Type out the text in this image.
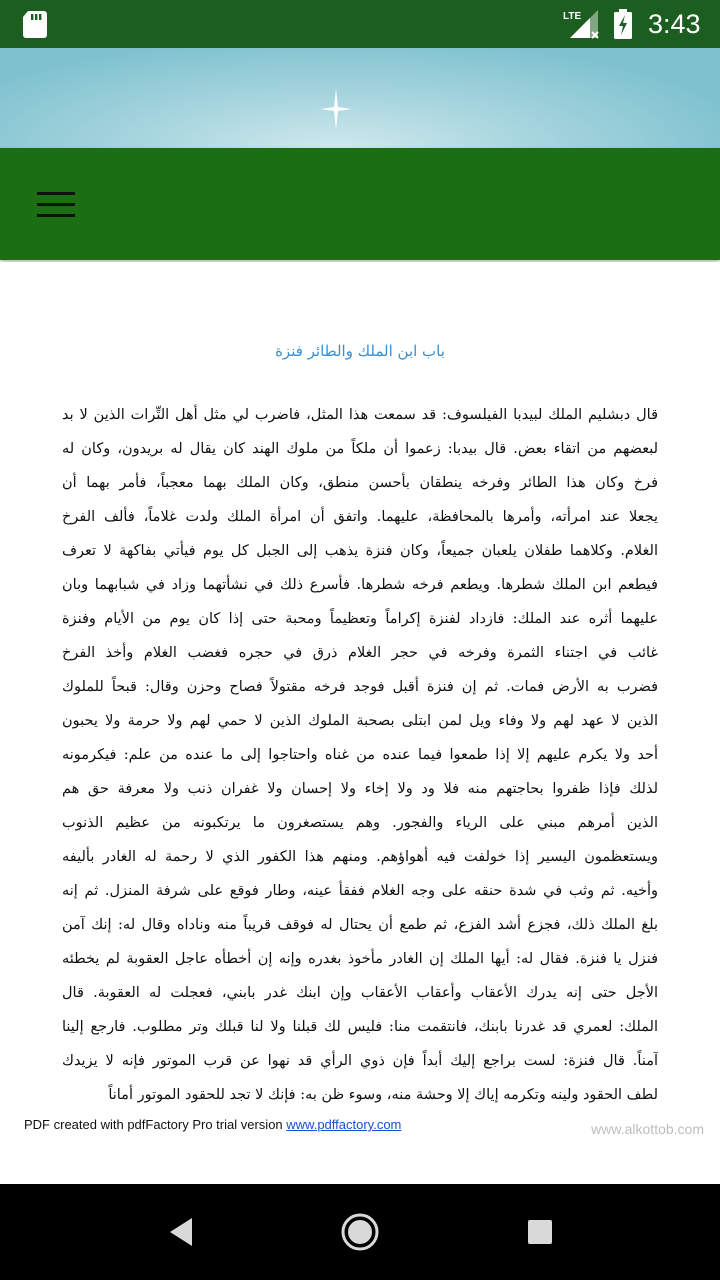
LTE 3:43
باب ابن الملك والطائر فنزة
قال دبشليم الملك لبيدبا الفيلسوف: قد سمعت هذا المثل، فاضرب لي مثل أهل التِّرات الذين لا بد
لبعضهم من اتقاء بعض. قال بيدبا: زعموا أن ملكاً من ملوك الهند كان يقال له بريدون، وكان له
فرخ وكان هذا الطائر وفرخه ينطقان بأحسن منطق، وكان الملك بهما معجباً، فأمر بهما أن
يجعلا عند امرأته، وأمرها بالمحافظة، عليهما. واتفق أن امرأة الملك ولدت غلاماً، فألف الفرخ
الغلام. وكلاهما طفلان يلعبان جميعاً، وكان فنزة يذهب إلى الجبل كل يوم فيأتي بفاكهة لا تعرف
فيطعم ابن الملك شطرها. ويطعم فرخه شطرها. فأسرع ذلك في نشأتهما وزاد في شبابهما وبان
عليهما أثره عند الملك: فازداد لفنزة إكراماً وتعظيماً ومحبة حتى إذا كان يوم من الأيام وفنزة
غائب في اجتناء الثمرة وفرخه في حجر الغلام ذرق في حجره فغضب الغلام وأخذ الفرخ
فضرب به الأرض فمات. ثم إن فنزة أقبل فوجد فرخه مقتولاً فصاح وحزن وقال: قبحاً للملوك
الذين لا عهد لهم ولا وفاء ويل لمن ابتلى بصحبة الملوك الذين لا حمي لهم ولا حرمة ولا يحبون
أحد ولا يكرم عليهم إلا إذا طمعوا فيما عنده من غناه واحتاجوا إلى ما عنده من علم: فيكرمونه
لذلك فإذا ظفروا بحاجتهم منه فلا ود ولا إخاء ولا إحسان ولا غفران ذنب ولا معرفة حق هم
الذين أمرهم مبني على الرياء والفجور. وهم يستصغرون ما يرتكبونه من عظيم الذنوب
ويستعظمون اليسير إذا خولفت فيه أهواؤهم. ومنهم هذا الكفور الذي لا رحمة له الغادر بأليفه
وأخيه. ثم وثب في شدة حنقه على وجه الغلام ففقأ عينه، وطار فوقع على شرفة المنزل. ثم إنه
بلغ الملك ذلك، فجزع أشد الفزع، ثم طمع أن يحتال له فوقف قريباً منه وناداه وقال له: إنك آمن
فنزل يا فنزة. فقال له: أيها الملك إن الغادر مأخوذ بغدره وإنه إن أخطأه عاجل العقوبة لم يخطئه
الأجل حتى إنه يدرك الأعقاب وأعقاب الأعقاب وإن ابنك غدر بابني، فعجلت له العقوبة. قال
الملك: لعمري قد غدرنا بابنك، فانتقمت منا: فليس لك قبلنا ولا لنا قبلك وتر مطلوب. فارجع إلينا
آمناً. قال فنزة: لست براجع إليك أبداً فإن ذوي الرأي قد نهوا عن قرب الموتور فإنه لا يزيدك
لطف الحقود ولينه وتكرمه إياك إلا وحشة منه، وسوء ظن به: فإنك لا تجد للحقود الموتور أماناً
PDF created with pdfFactory Pro trial version www.pdffactory.com	www.alkottob.com
